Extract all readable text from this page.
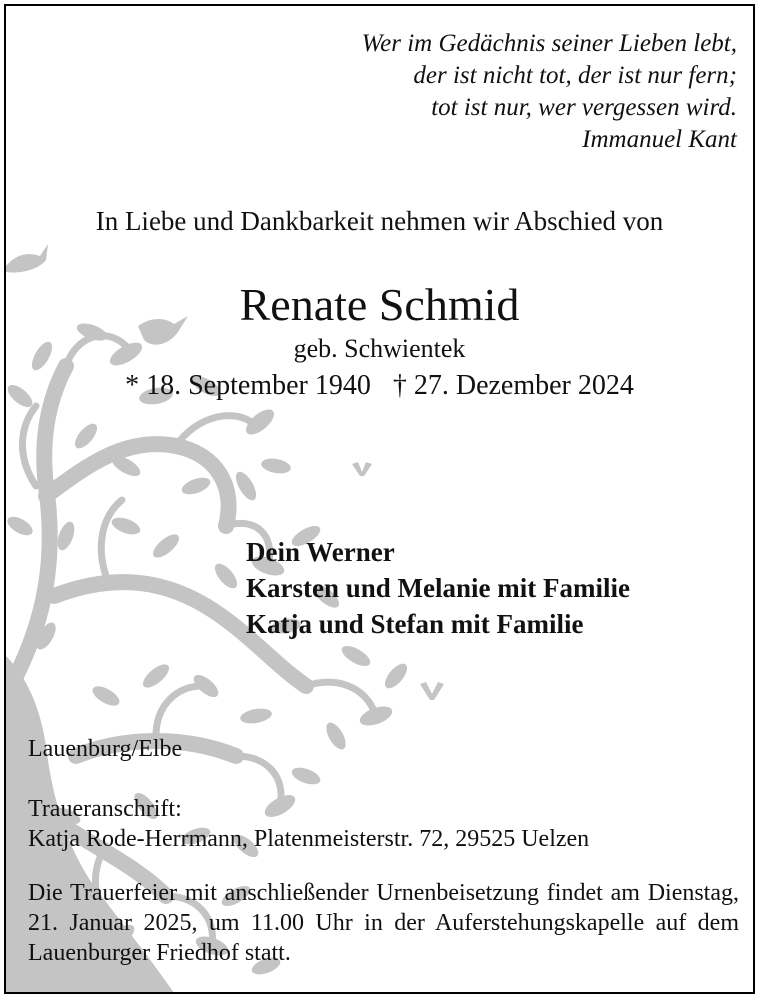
Wer im Gedächnis seiner Lieben lebt,
der ist nicht tot, der ist nur fern;
tot ist nur, wer vergessen wird.
Immanuel Kant
In Liebe und Dankbarkeit nehmen wir Abschied von
Renate Schmid
geb. Schwientek
* 18. September 1940 † 27. Dezember 2024
Dein Werner
Karsten und Melanie mit Familie
Katja und Stefan mit Familie
Lauenburg/Elbe
Traueranschrift:
Katja Rode-Herrmann, Platenmeisterstr. 72, 29525 Uelzen
Die Trauerfeier mit anschließender Urnenbeisetzung findet am Dienstag, 21. Januar 2025, um 11.00 Uhr in der Auferstehungskapelle auf dem Lauenburger Friedhof statt.
